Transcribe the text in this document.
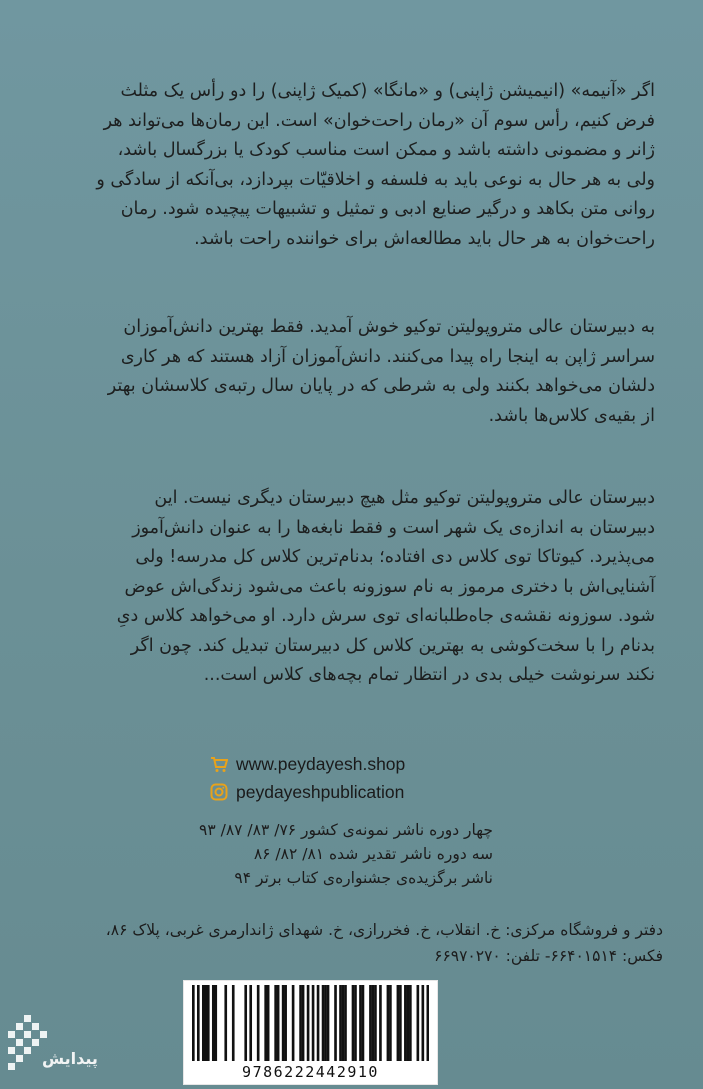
اگر «آنیمه» (انیمیشن ژاپنی) و «مانگا» (کمیک ژاپنی) را دو رأس یک مثلث
فرض کنیم، رأس سوم آن «رمان راحت‌خوان» است. این رمان‌ها می‌تواند هر
ژانر و مضمونی داشته باشد و ممکن است مناسب کودک یا بزرگسال باشد،
ولی به هر حال به نوعی باید به فلسفه و اخلاقیّات بپردازد، بی‌آنکه از سادگی و
روانی متن بکاهد و درگیر صنایع ادبی و تمثیل و تشبیهات پیچیده شود. رمان
راحت‌خوان به هر حال باید مطالعه‌اش برای خواننده راحت باشد.
به دبیرستان عالی متروپولیتن توکیو خوش آمدید. فقط بهترین دانش‌آموزان
سراسر ژاپن به اینجا راه پیدا می‌کنند. دانش‌آموزان آزاد هستند که هر کاری
دلشان می‌خواهد بکنند ولی به شرطی که در پایان سال رتبه‌ی کلاسشان بهتر
از بقیه‌ی کلاس‌ها باشد.
دبیرستان عالی متروپولیتن توکیو مثل هیچ دبیرستان دیگری نیست. این
دبیرستان به اندازه‌ی یک شهر است و فقط نابغه‌ها را به عنوان دانش‌آموز
می‌پذیرد. کیوتاکا توی کلاس دی افتاده؛ بدنام‌ترین کلاس کل مدرسه! ولی
آشنایی‌اش با دختری مرموز به نام سوزونه باعث می‌شود زندگی‌اش عوض
شود. سوزونه نقشه‌ی جاه‌طلبانه‌ای توی سرش دارد. او می‌خواهد کلاس دیِ
بدنام را با سخت‌کوشی به بهترین کلاس کل دبیرستان تبدیل کند. چون اگر
نکند سرنوشت خیلی بدی در انتظار تمام بچه‌های کلاس است...
www.peydayesh.shop
peydayeshpublication
چهار دوره ناشر نمونه‌ی کشور ۷۶/ ۸۳/ ۸۷/ ۹۳
سه دوره ناشر تقدیر شده ۸۱/ ۸۲/ ۸۶
ناشر برگزیده‌ی جشنواره‌ی کتاب برتر ۹۴
دفتر و فروشگاه مرکزی: خ. انقلاب، خ. فخررازی، خ. شهدای ژاندارمری غربی، پلاک ۸۶،
فکس: ۶۶۴۰۱۵۱۴- تلفن: ۶۶۹۷۰۲۷۰
9786222442910
پیدایش
